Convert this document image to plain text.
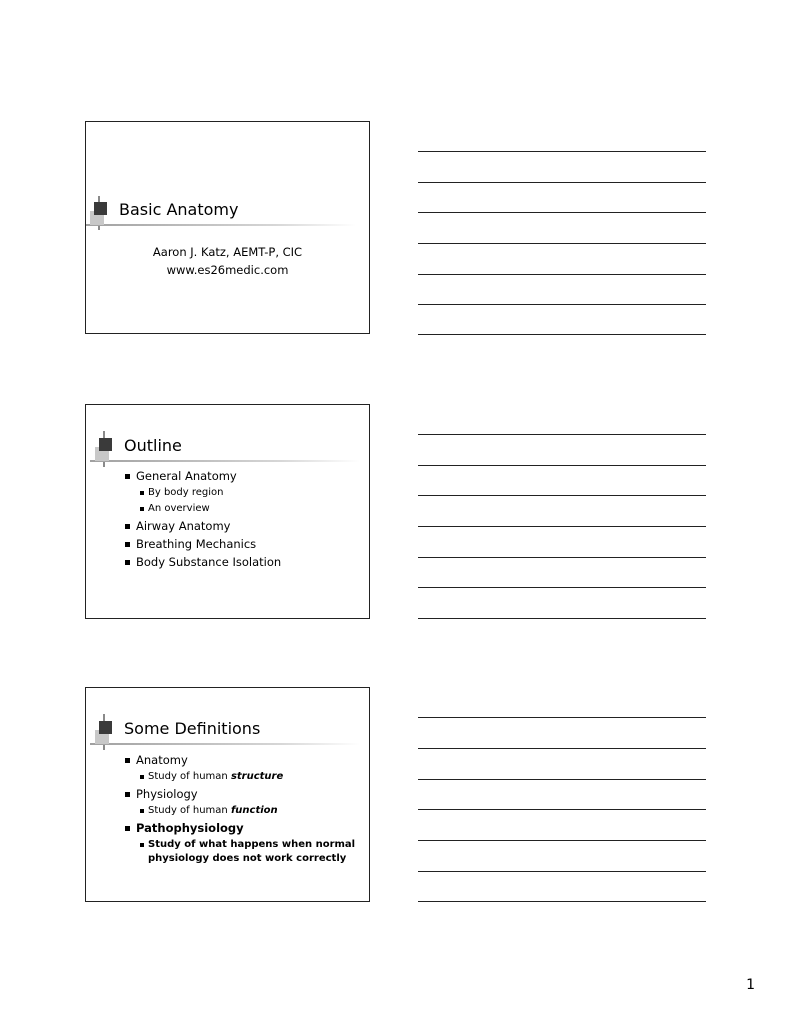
Basic Anatomy
Aaron J. Katz, AEMT-P, CIC
www.es26medic.com
Outline
General Anatomy
By body region
An overview
Airway Anatomy
Breathing Mechanics
Body Substance Isolation
Some Definitions
Anatomy
Study of human structure
Physiology
Study of human function
Pathophysiology
Study of what happens when normal
physiology does not work correctly
1
